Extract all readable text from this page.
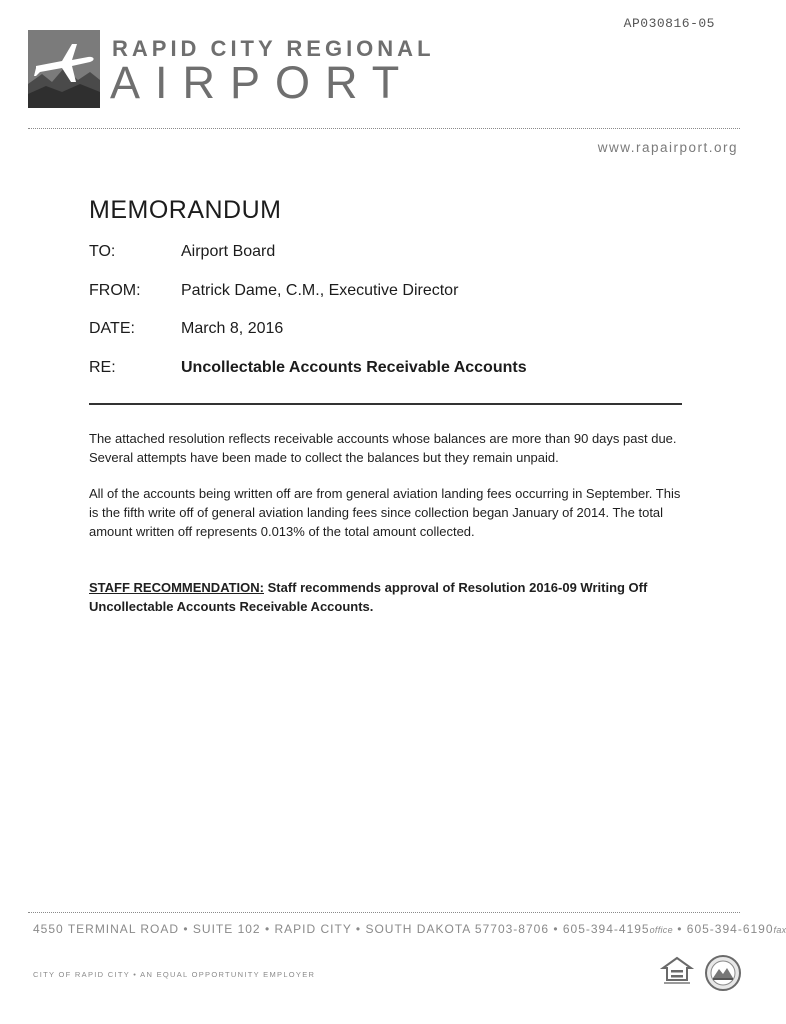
AP030816-05
RAPID CITY REGIONAL
AIRPORT
www.rapairport.org
MEMORANDUM
TO:	Airport Board
FROM:	Patrick Dame, C.M., Executive Director
DATE:	March 8, 2016
RE:	Uncollectable Accounts Receivable Accounts
The attached resolution reflects receivable accounts whose balances are more than 90 days past due. Several attempts have been made to collect the balances but they remain unpaid.
All of the accounts being written off are from general aviation landing fees occurring in September. This is the fifth write off of general aviation landing fees since collection began January of 2014. The total amount written off represents 0.013% of the total amount collected.
STAFF RECOMMENDATION: Staff recommends approval of Resolution 2016-09 Writing Off Uncollectable Accounts Receivable Accounts.
4550 TERMINAL ROAD • SUITE 102 • RAPID CITY • SOUTH DAKOTA 57703-8706 • 605-394-4195office • 605-394-6190fax
CITY OF RAPID CITY • AN EQUAL OPPORTUNITY EMPLOYER
